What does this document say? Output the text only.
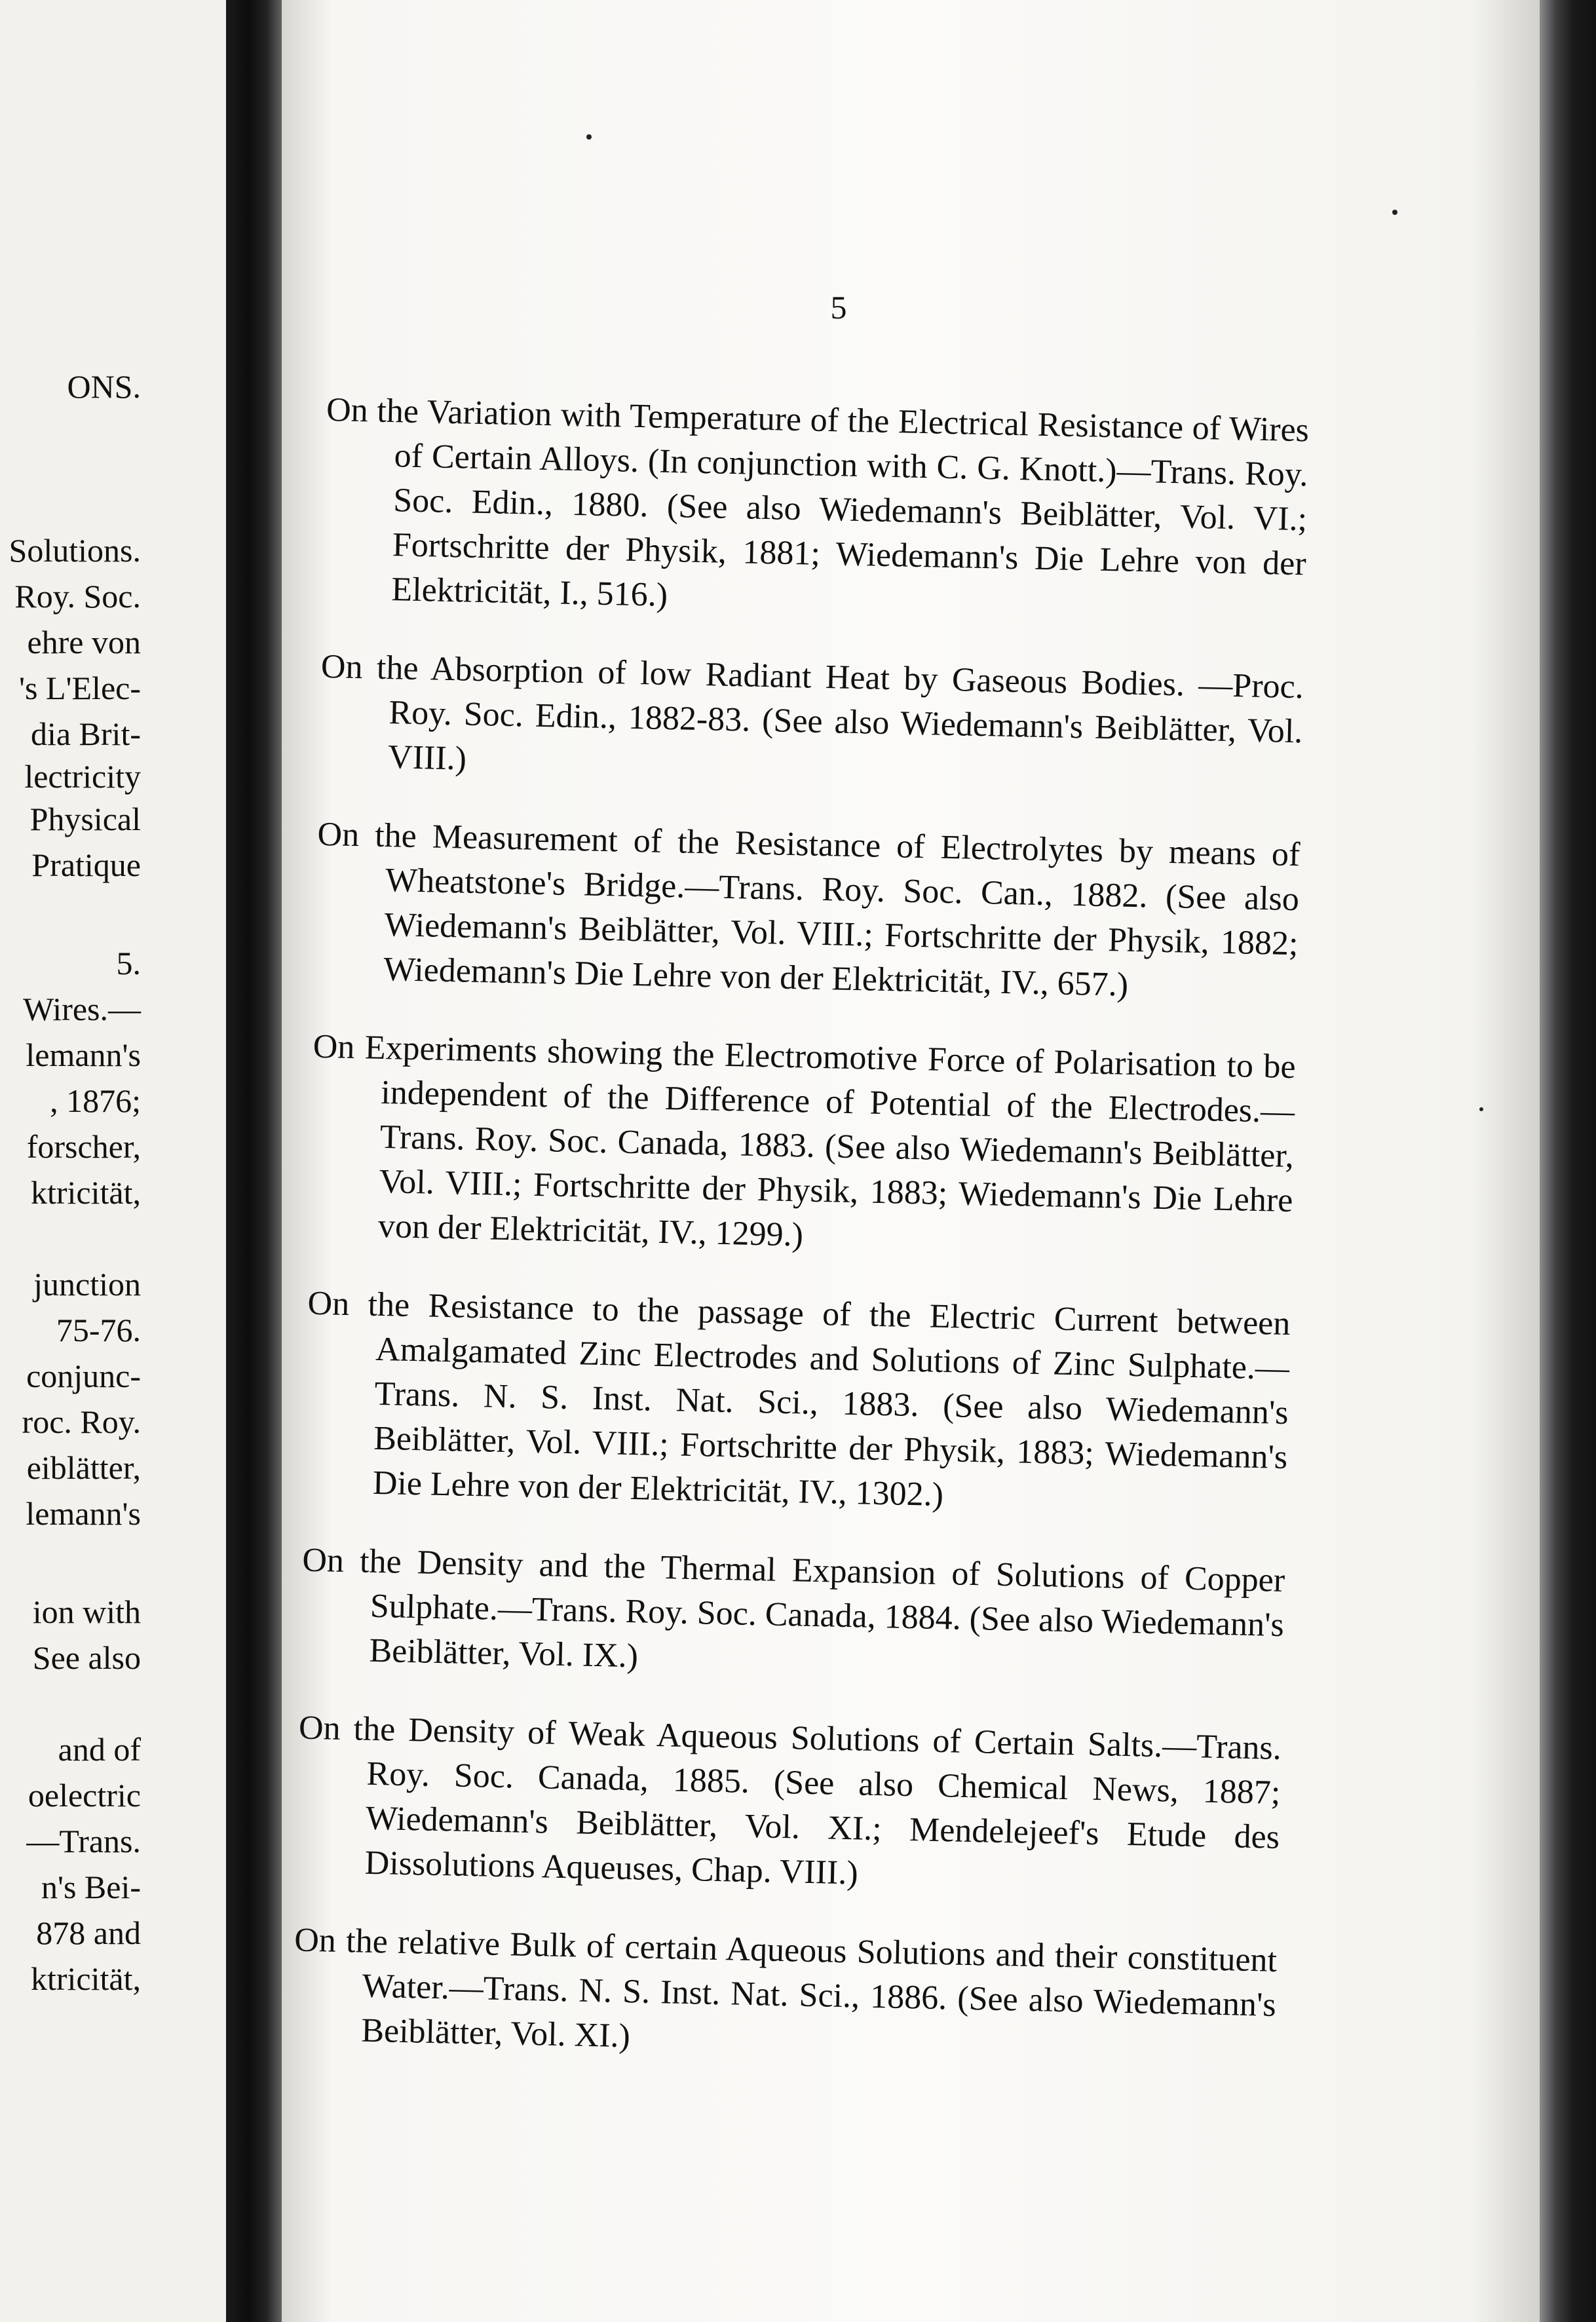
ONS.
Solutions.
Roy. Soc.
ehre von
's L'Elec-
dia Brit-
lectricity
Physical
Pratique
5.
Wires.—
lemann's
, 1876;
forscher,
ktricität,
junction
75-76.
conjunc-
roc. Roy.
eiblätter,
lemann's
ion with
See also
and of
oelectric
—Trans.
n's Bei-
878 and
ktricität,
5

On the Variation with Temperature of the Electrical Resistance of Wires of Certain Alloys. (In conjunction with C. G. Knott.)—Trans. Roy. Soc. Edin., 1880. (See also Wiedemann's Beiblätter, Vol. VI.; Fortschritte der Physik, 1881; Wiedemann's Die Lehre von der Elektricität, I., 516.)

On the Absorption of low Radiant Heat by Gaseous Bodies. —Proc. Roy. Soc. Edin., 1882-83. (See also Wiedemann's Beiblätter, Vol. VIII.)

On the Measurement of the Resistance of Electrolytes by means of Wheatstone's Bridge.—Trans. Roy. Soc. Can., 1882. (See also Wiedemann's Beiblätter, Vol. VIII.; Fortschritte der Physik, 1882; Wiedemann's Die Lehre von der Elektricität, IV., 657.)

On Experiments showing the Electromotive Force of Polarisation to be independent of the Difference of Potential of the Electrodes.—Trans. Roy. Soc. Canada, 1883. (See also Wiedemann's Beiblätter, Vol. VIII.; Fortschritte der Physik, 1883; Wiedemann's Die Lehre von der Elektricität, IV., 1299.)

On the Resistance to the passage of the Electric Current between Amalgamated Zinc Electrodes and Solutions of Zinc Sulphate.—Trans. N. S. Inst. Nat. Sci., 1883. (See also Wiedemann's Beiblätter, Vol. VIII.; Fortschritte der Physik, 1883; Wiedemann's Die Lehre von der Elektricität, IV., 1302.)

On the Density and the Thermal Expansion of Solutions of Copper Sulphate.—Trans. Roy. Soc. Canada, 1884. (See also Wiedemann's Beiblätter, Vol. IX.)

On the Density of Weak Aqueous Solutions of Certain Salts.—Trans. Roy. Soc. Canada, 1885. (See also Chemical News, 1887; Wiedemann's Beiblätter, Vol. XI.; Mendelejeef's Etude des Dissolutions Aqueuses, Chap. VIII.)

On the relative Bulk of certain Aqueous Solutions and their constituent Water.—Trans. N. S. Inst. Nat. Sci., 1886. (See also Wiedemann's Beiblätter, Vol. XI.)
